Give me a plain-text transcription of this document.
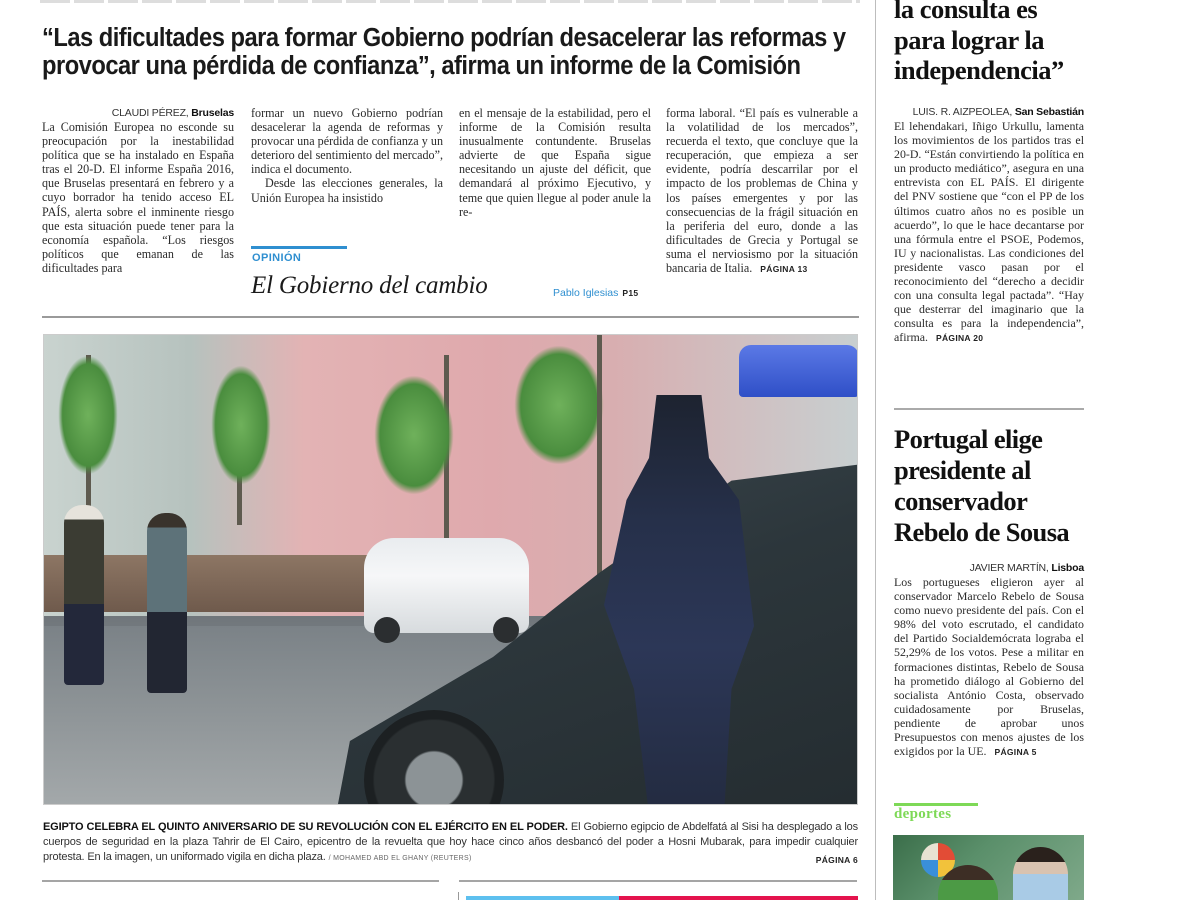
“Las dificultades para formar Gobierno podrían desacelerar las reformas y provocar una pérdida de confianza”, afirma un informe de la Comisión
CLAUDI PÉREZ, Bruselas

La Comisión Europea no esconde su preocupación por la inestabilidad política que se ha instalado en España tras el 20-D. El informe España 2016, que Bruselas presentará en febrero y a cuyo borrador ha tenido acceso EL PAÍS, alerta sobre el inminente riesgo que esta situación puede tener para la economía española. “Los riesgos políticos que emanan de las dificultades para

formar un nuevo Gobierno podrían desacelerar la agenda de reformas y provocar una pérdida de confianza y un deterioro del sentimiento del mercado”, indica el documento.

Desde las elecciones generales, la Unión Europea ha insistido

en el mensaje de la estabilidad, pero el informe de la Comisión resulta inusualmente contundente. Bruselas advierte de que España sigue necesitando un ajuste del déficit, que demandará al próximo Ejecutivo, y teme que quien llegue al poder anule la re-

forma laboral. “El país es vulnerable a la volatilidad de los mercados”, recuerda el texto, que concluye que la recuperación, que empieza a ser evidente, podría descarrilar por el impacto de los problemas de China y los países emergentes y por las consecuencias de la frágil situación en la periferia del euro, donde a las dificultades de Grecia y Portugal se suma el nerviosismo por la situación bancaria de Italia. PÁGINA 13

OPINIÓN
El Gobierno del cambio	Pablo Iglesias P15
EGIPTO CELEBRA EL QUINTO ANIVERSARIO DE SU REVOLUCIÓN CON EL EJÉRCITO EN EL PODER. El Gobierno egipcio de Abdelfatá al Sisi ha desplegado a los cuerpos de seguridad en la plaza Tahrir de El Cairo, epicentro de la revuelta que hoy hace cinco años desbancó del poder a Hosni Mubarak, para impedir cualquier protesta. En la imagen, un uniformado vigila en dicha plaza. / MOHAMED ABD EL GHANY (REUTERS)	PÁGINA 6
la consulta es para lograr la independencia”
LUIS. R. AIZPEOLEA, San Sebastián

El lehendakari, Iñigo Urkullu, lamenta los movimientos de los partidos tras el 20-D. “Están convirtiendo la política en un producto mediático”, asegura en una entrevista con EL PAÍS. El dirigente del PNV sostiene que “con el PP de los últimos cuatro años no es posible un acuerdo”, lo que le hace decantarse por una fórmula entre el PSOE, Podemos, IU y nacionalistas. Las condiciones del presidente vasco pasan por el reconocimiento del “derecho a decidir con una consulta legal pactada”. “Hay que desterrar del imaginario que la consulta es para la independencia”, afirma. PÁGINA 20

Portugal elige presidente al conservador Rebelo de Sousa
JAVIER MARTÍN, Lisboa

Los portugueses eligieron ayer al conservador Marcelo Rebelo de Sousa como nuevo presidente del país. Con el 98% del voto escrutado, el candidato del Partido Socialdemócrata lograba el 52,29% de los votos. Pese a militar en formaciones distintas, Rebelo de Sousa ha prometido diálogo al Gobierno del socialista António Costa, observado cuidadosamente por Bruselas, pendiente de aprobar unos Presupuestos con menos ajustes de los exigidos por la UE. PÁGINA 5

deportes
